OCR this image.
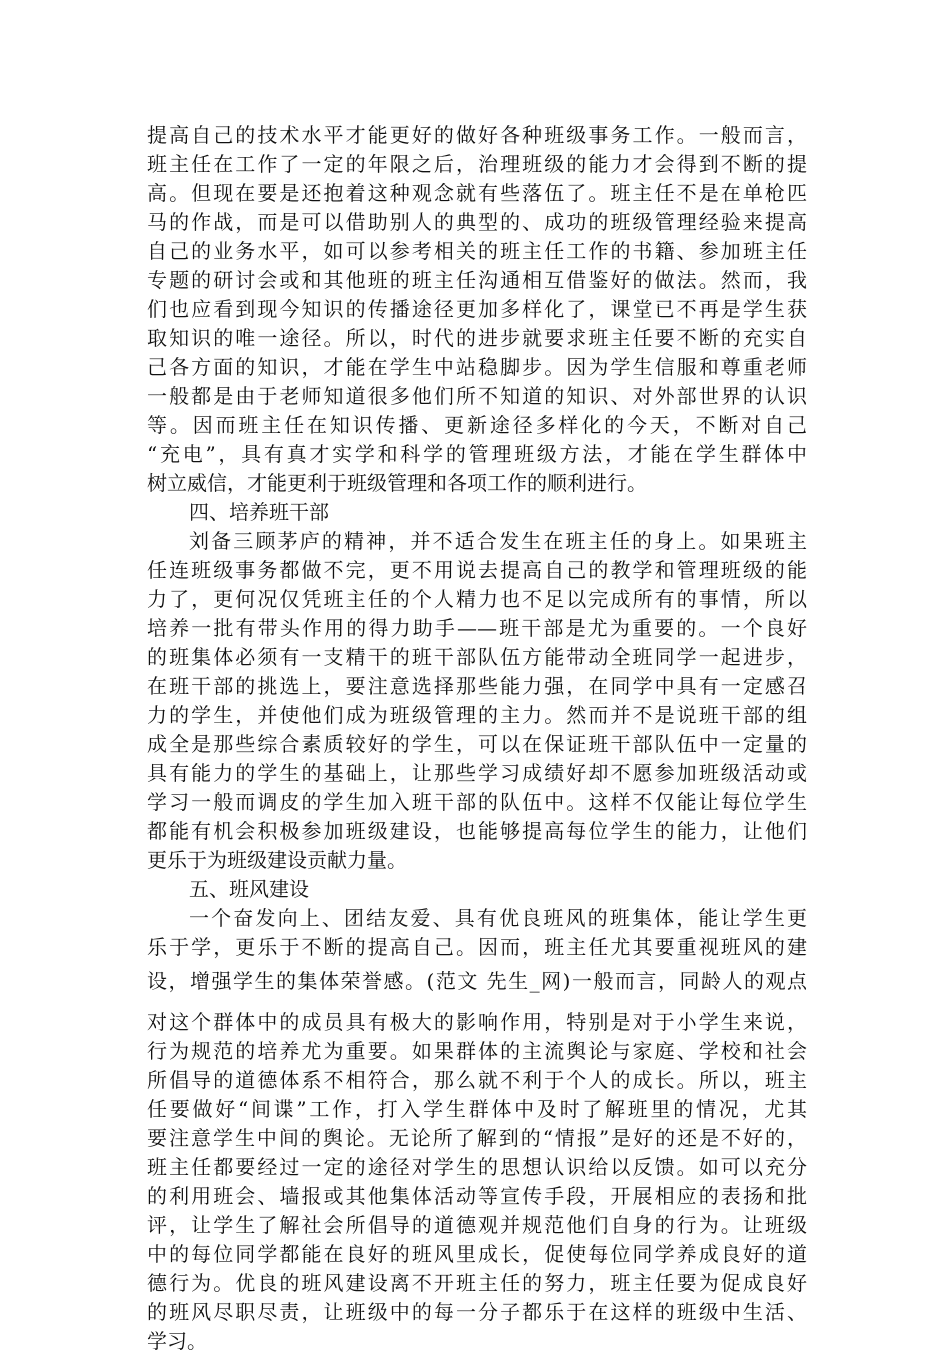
提高自己的技术水平才能更好的做好各种班级事务工作。一般而言，
班主任在工作了一定的年限之后，治理班级的能力才会得到不断的提
高。但现在要是还抱着这种观念就有些落伍了。班主任不是在单枪匹
马的作战，而是可以借助别人的典型的、成功的班级管理经验来提高
自己的业务水平，如可以参考相关的班主任工作的书籍、参加班主任
专题的研讨会或和其他班的班主任沟通相互借鉴好的做法。然而，我
们也应看到现今知识的传播途径更加多样化了，课堂已不再是学生获
取知识的唯一途径。所以，时代的进步就要求班主任要不断的充实自
己各方面的知识，才能在学生中站稳脚步。因为学生信服和尊重老师
一般都是由于老师知道很多他们所不知道的知识、对外部世界的认识
等。因而班主任在知识传播、更新途径多样化的今天，不断对自己
“充电”，具有真才实学和科学的管理班级方法，才能在学生群体中
树立威信，才能更利于班级管理和各项工作的顺利进行。
四、培养班干部
刘备三顾茅庐的精神，并不适合发生在班主任的身上。如果班主
任连班级事务都做不完，更不用说去提高自己的教学和管理班级的能
力了，更何况仅凭班主任的个人精力也不足以完成所有的事情，所以
培养一批有带头作用的得力助手——班干部是尤为重要的。一个良好
的班集体必须有一支精干的班干部队伍方能带动全班同学一起进步，
在班干部的挑选上，要注意选择那些能力强，在同学中具有一定感召
力的学生，并使他们成为班级管理的主力。然而并不是说班干部的组
成全是那些综合素质较好的学生，可以在保证班干部队伍中一定量的
具有能力的学生的基础上，让那些学习成绩好却不愿参加班级活动或
学习一般而调皮的学生加入班干部的队伍中。这样不仅能让每位学生
都能有机会积极参加班级建设，也能够提高每位学生的能力，让他们
更乐于为班级建设贡献力量。
五、班风建设
一个奋发向上、团结友爱、具有优良班风的班集体，能让学生更
乐于学，更乐于不断的提高自己。因而，班主任尤其要重视班风的建
设，增强学生的集体荣誉感。(范文 先生_网)一般而言，同龄人的观点
对这个群体中的成员具有极大的影响作用，特别是对于小学生来说，
行为规范的培养尤为重要。如果群体的主流舆论与家庭、学校和社会
所倡导的道德体系不相符合，那么就不利于个人的成长。所以，班主
任要做好“间谍”工作，打入学生群体中及时了解班里的情况，尤其
要注意学生中间的舆论。无论所了解到的“情报”是好的还是不好的，
班主任都要经过一定的途径对学生的思想认识给以反馈。如可以充分
的利用班会、墙报或其他集体活动等宣传手段，开展相应的表扬和批
评，让学生了解社会所倡导的道德观并规范他们自身的行为。让班级
中的每位同学都能在良好的班风里成长，促使每位同学养成良好的道
德行为。优良的班风建设离不开班主任的努力，班主任要为促成良好
的班风尽职尽责，让班级中的每一分子都乐于在这样的班级中生活、
学习。
